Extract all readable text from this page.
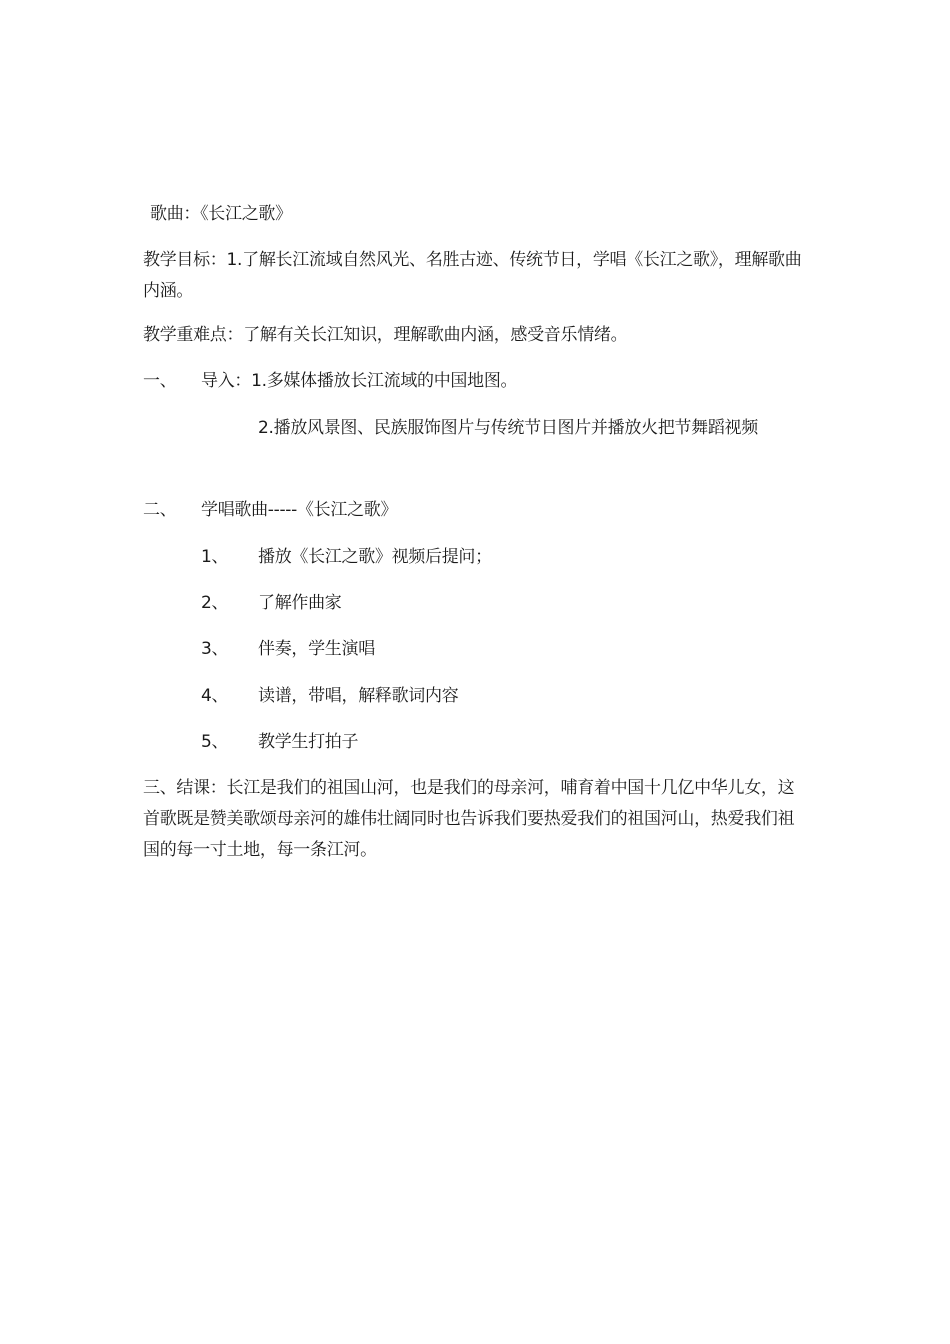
歌曲：《长江之歌》
教学目标：1.了解长江流域自然风光、名胜古迹、传统节日，学唱《长江之歌》，理解歌曲内涵。
教学重难点：了解有关长江知识，理解歌曲内涵，感受音乐情绪。
一、 导入：1.多媒体播放长江流域的中国地图。
2.播放风景图、民族服饰图片与传统节日图片并播放火把节舞蹈视频
二、 学唱歌曲-----《长江之歌》
1、 播放《长江之歌》视频后提问；
2、 了解作曲家
3、 伴奏，学生演唱
4、 读谱，带唱，解释歌词内容
5、 教学生打拍子
三、结课：长江是我们的祖国山河，也是我们的母亲河，哺育着中国十几亿中华儿女，这首歌既是赞美歌颂母亲河的雄伟壮阔同时也告诉我们要热爱我们的祖国河山，热爱我们祖国的每一寸土地，每一条江河。
